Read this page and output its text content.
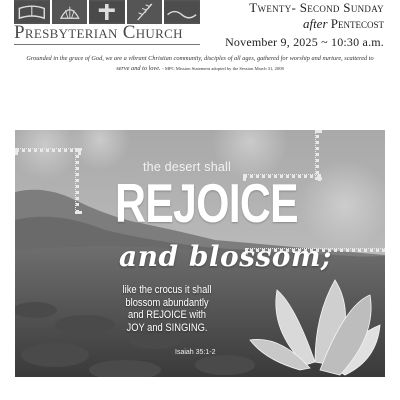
Presbyterian Church
Twenty- Second Sunday
after Pentecost
November 9, 2025 ~ 10:30 a.m.
Grounded in the grace of God, we are a vibrant Christian community, disciples of all ages, gathered for worship and nurture, scattered to serve and to love. - MPC Mission Statement adopted by the Session March 31, 2008
the desert shall
REJOICE
and blossom;
like the crocus it shall
blossom abundantly
and REJOICE with
JOY and SINGING.
Isaiah 35:1-2
